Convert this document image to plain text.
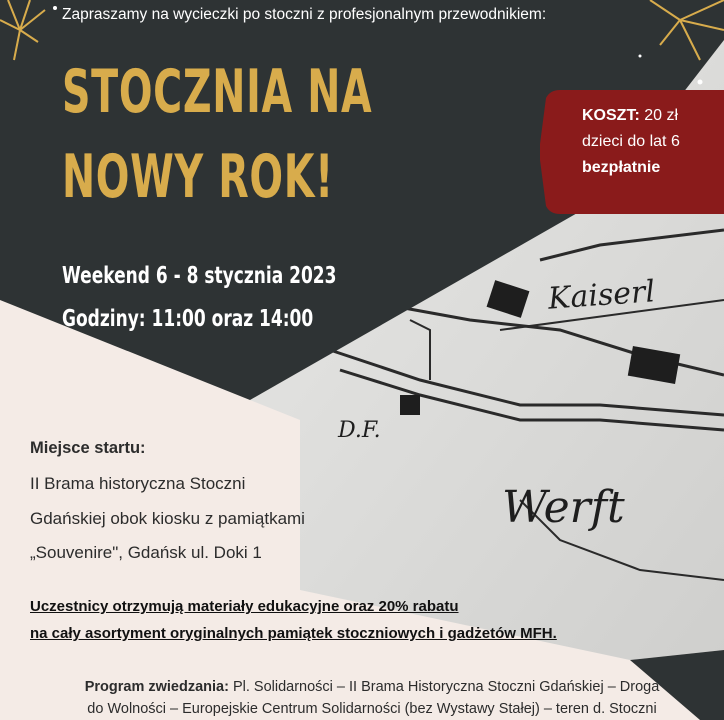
Kaiserl
D.F.
Werft
Zapraszamy na wycieczki po stoczni z profesjonalnym przewodnikiem:
STOCZNIA NA
NOWY ROK!
Weekend 6 - 8 stycznia 2023
Godziny: 11:00 oraz 14:00
KOSZT: 20 zł
dzieci do lat 6
bezpłatnie
Miejsce startu:
II Brama historyczna Stoczni
Gdańskiej obok kiosku z pamiątkami
„Souvenire", Gdańsk ul. Doki 1
Uczestnicy otrzymują materiały edukacyjne oraz 20% rabatu
na cały asortyment oryginalnych pamiątek stoczniowych i gadżetów MFH.
Program zwiedzania: Pl. Solidarności – II Brama Historyczna Stoczni Gdańskiej – Droga
do Wolności – Europejskie Centrum Solidarności (bez Wystawy Stałej) – teren d. Stoczni
